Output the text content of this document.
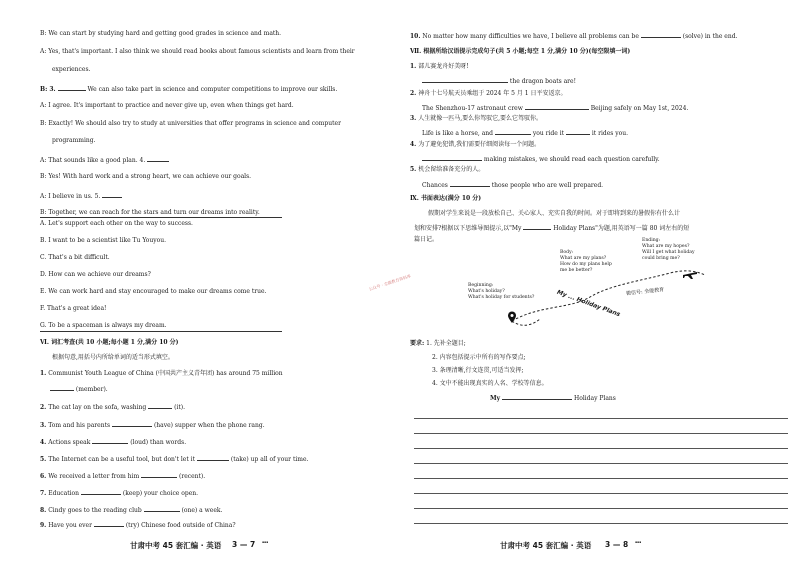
B: We can start by studying hard and getting good grades in science and math.
A: Yes, that's important. I also think we should read books about famous scientists and learn from their
experiences.
B: 3.	We can also take part in science and computer competitions to improve our skills.
A: I agree. It's important to practice and never give up, even when things get hard.
B: Exactly! We should also try to study at universities that offer programs in science and computer
programming.
A: That sounds like a good plan. 4.
B: Yes! With hard work and a strong heart, we can achieve our goals.
A: I believe in us. 5.
B: Together, we can reach for the stars and turn our dreams into reality.
A. Let's support each other on the way to success.
B. I want to be a scientist like Tu Youyou.
C. That's a bit difficult.
D. How can we achieve our dreams?
E. We can work hard and stay encouraged to make our dreams come true.
F. That's a great idea!
G. To be a spaceman is always my dream.
Ⅵ. 词汇考查(共 10 小题;每小题 1 分,满分 10 分)
根据句意,用括号内所给单词的适当形式填空。
1. Communist Youth League of China (中国共产主义青年团) has around 75 million
(member).
2. The cat lay on the sofa, washing	(it).
3. Tom and his parents	(have) supper when the phone rang.
4. Actions speak	(loud) than words.
5. The Internet can be a useful tool, but don't let it	(take) up all of your time.
6. We received a letter from him	(recent).
7. Education	(keep) your choice open.
8. Cindy goes to the reading club	(one) a week.
9. Have you ever	(try) Chinese food outside of China?
甘肃中考 45 套汇编 · 英语 3 — 7 ▪▪▪
10. No matter how many difficulties we have, I believe all problems can be	(solve) in the end.
Ⅶ. 根据所给汉语提示完成句子(共 5 小题;每空 1 分,满分 10 分)(每空限填一词)
1. 部儿赛龙舟好美呀!
the dragon boats are!
2. 神舟十七号航天员乘组于 2024 年 5 月 1 日平安返京。
The Shenzhou-17 astronaut crew	Beijing safely on May 1st, 2024.
3. 人生就像一匹马,要么你驾驭它,要么它驾驭你。
Life is like a horse, and	you ride it	it rides you.
4. 为了避免犯错,我们需要仔细阅读每一个问题。
making mistakes, we should read each question carefully.
5. 机会留给准备充分的人。
Chances	those people who are well prepared.
Ⅸ. 书面表达(满分 10 分)
假期对学生来说是一段放松自己、关心家人、充实自我的时间。对于即将到来的暑假你有什么计
划和安排?根据以下思维导图提示,以"My	Holiday Plans"为题,用英语写一篇 80 词左右的短
篇日记。
Body:
What are my plans?
How do my plans help
me be better?
Ending:
What are my hopes?
Will I get what holiday
could bring me?
Beginning:
What's holiday?
What's holiday for students?	My ... Holiday Plans 微信号: 全能教育
要求: 1. 先补全题目;
2. 内容包括提示中所有的写作要点;
3. 条理清晰,行文连贯,可适当发挥;
4. 文中不能出现真实的人名、学校等信息。
My	Holiday Plans
甘肃中考 45 套汇编 · 英语 3 — 8 ▪▪▪
公众号 · 全能教育资料库
